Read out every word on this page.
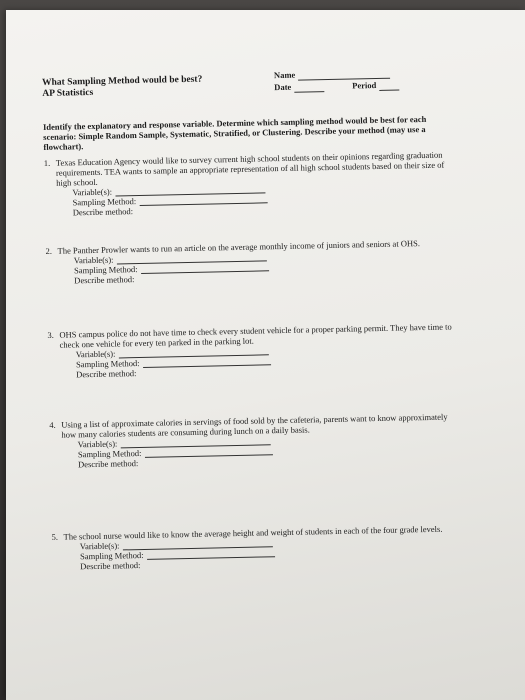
What Sampling Method would be best?
AP Statistics
Name
Date	Period
Identify the explanatory and response variable. Determine which sampling method would be best for each scenario: Simple Random Sample, Systematic, Stratified, or Clustering. Describe your method (may use a flowchart).
1. Texas Education Agency would like to survey current high school students on their opinions regarding graduation requirements. TEA wants to sample an appropriate representation of all high school students based on their size of high school.
Variable(s):
Sampling Method:
Describe method:
2. The Panther Prowler wants to run an article on the average monthly income of juniors and seniors at OHS.
Variable(s):
Sampling Method:
Describe method:
3. OHS campus police do not have time to check every student vehicle for a proper parking permit. They have time to check one vehicle for every ten parked in the parking lot.
Variable(s):
Sampling Method:
Describe method:
4. Using a list of approximate calories in servings of food sold by the cafeteria, parents want to know approximately how many calories students are consuming during lunch on a daily basis.
Variable(s):
Sampling Method:
Describe method:
5. The school nurse would like to know the average height and weight of students in each of the four grade levels.
Variable(s):
Sampling Method:
Describe method:
